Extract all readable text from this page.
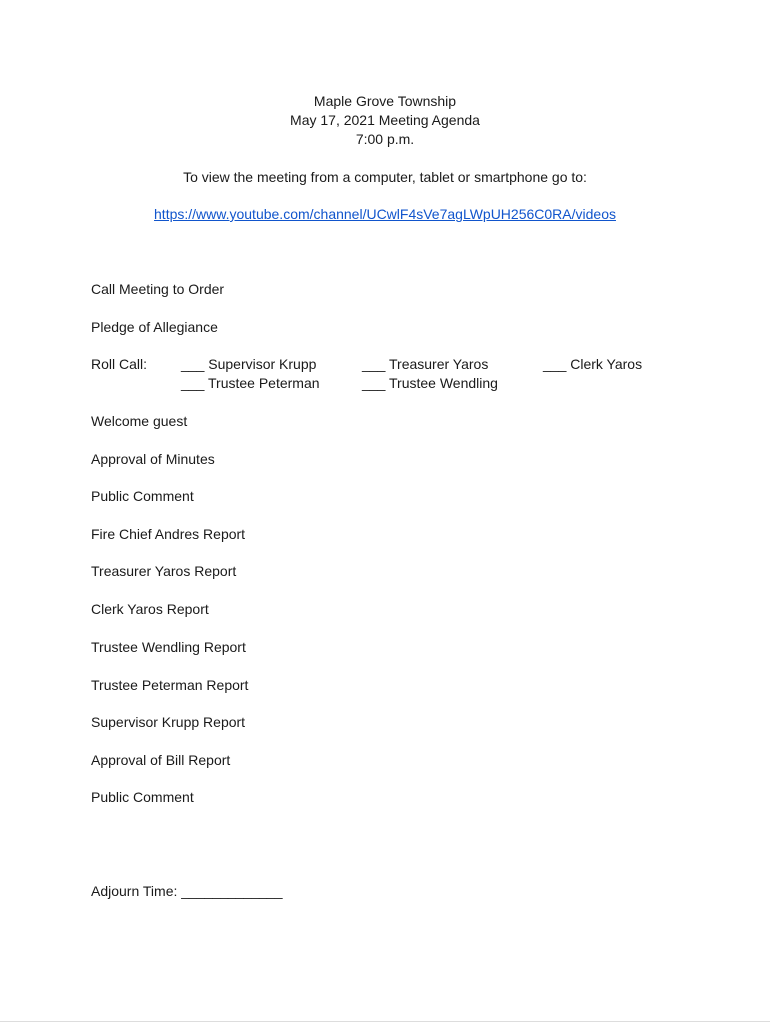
Maple Grove Township
May 17, 2021 Meeting Agenda
7:00 p.m.
To view the meeting from a computer, tablet or smartphone go to:
https://www.youtube.com/channel/UCwlF4sVe7agLWpUH256C0RA/videos
Call Meeting to Order
Pledge of Allegiance
Roll Call: ___ Supervisor Krupp	___ Treasurer Yaros	___ Clerk Yaros
___ Trustee Peterman	___ Trustee Wendling
Welcome guest
Approval of Minutes
Public Comment
Fire Chief Andres Report
Treasurer Yaros Report
Clerk Yaros Report
Trustee Wendling Report
Trustee Peterman Report
Supervisor Krupp Report
Approval of Bill Report
Public Comment
Adjourn Time: _____________
